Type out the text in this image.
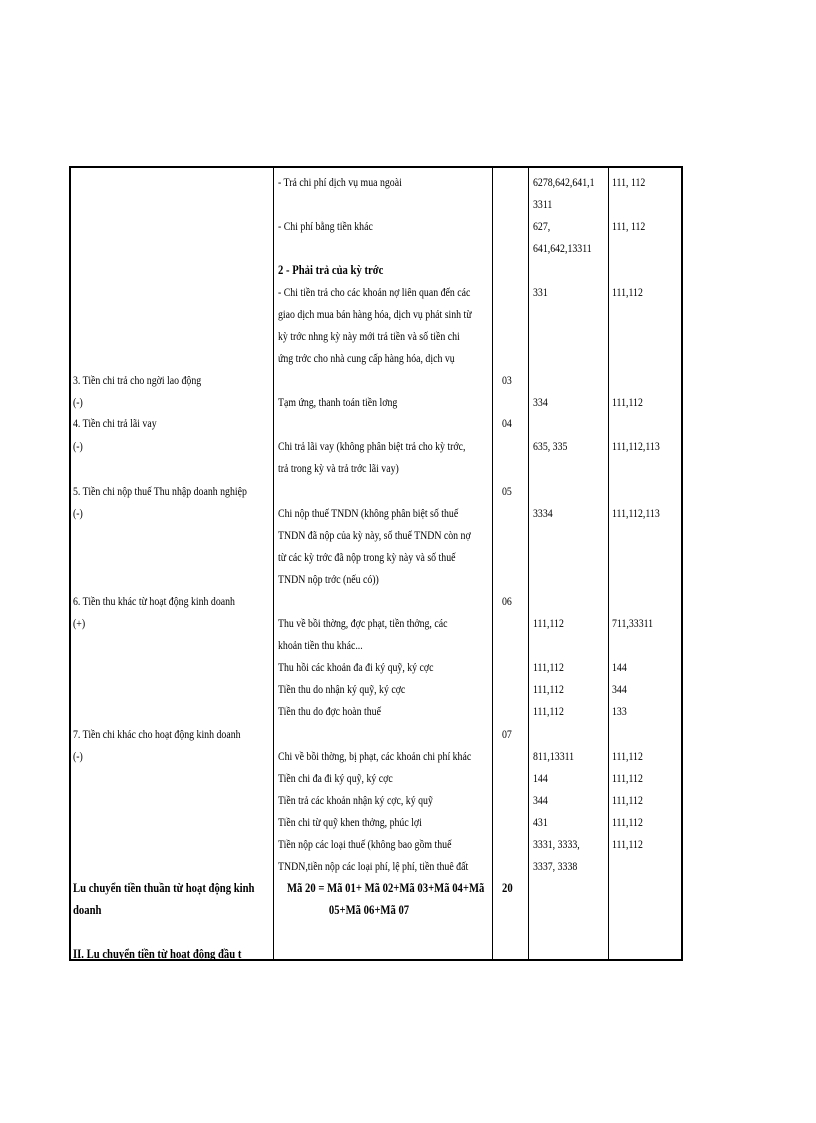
3. Tiền chi trả cho ngời lao động
(-)
4. Tiền chi trả lãi vay
(-)
5. Tiền chi nộp thuế Thu nhập doanh nghiệp
(-)
6. Tiền thu khác từ hoạt động kinh doanh
(+)
7. Tiền chi khác cho hoạt động kinh doanh
(-)
Lu chuyển tiền thuần từ hoạt động kinh
doanh
II. Lu chuyển tiền từ hoạt động đầu t
- Trả chi phí dịch vụ mua ngoài
- Chi phí bằng tiền khác
2 - Phải trả của kỳ trớc
- Chi tiền trả cho các khoản nợ liên quan đến các
giao dịch mua bán hàng hóa, dịch vụ phát sinh từ
kỳ trớc nhng kỳ này mới trả tiền và số tiền chi
ứng trớc cho nhà cung cấp hàng hóa, dịch vụ
Tạm ứng, thanh toán tiền lơng
Chi trả lãi vay (không phân biệt trả cho kỳ trớc,
trả trong kỳ và trả trớc lãi vay)
Chi nộp thuế TNDN (không phân biệt số thuế
TNDN đã nộp của kỳ này, số thuế TNDN còn nợ
từ các kỳ trớc đã nộp trong kỳ này và số thuế
TNDN nộp trớc (nếu có))
Thu về bồi thờng, đợc phạt, tiền thởng, các
khoản tiền thu khác...
Thu hồi các khoản đa đi ký quỹ, ký cợc
Tiền thu do nhận ký quỹ, ký cợc
Tiền thu do đợc hoàn thuế
Chi về bồi thờng, bị phạt, các khoản chi phí khác
Tiền chi đa đi ký quỹ, ký cợc
Tiền trả các khoản nhận ký cợc, ký quỹ
Tiền chi từ quỹ khen thởng, phúc lợi
Tiền nộp các loại thuế (không bao gồm thuế
TNDN,tiền nộp các loại phí, lệ phí, tiền thuê đất
Mã 20 = Mã 01+ Mã 02+Mã 03+Mã 04+Mã
05+Mã 06+Mã 07
03
04
05
06
07
20
6278,642,641,1
3311
627,
641,642,13311
331
334
635, 335
3334
111,112
111,112
111,112
111,112
811,13311
144
344
431
3331, 3333,
3337, 3338
111, 112
111, 112
111,112
111,112
111,112,113
111,112,113
711,33311
144
344
133
111,112
111,112
111,112
111,112
111,112
